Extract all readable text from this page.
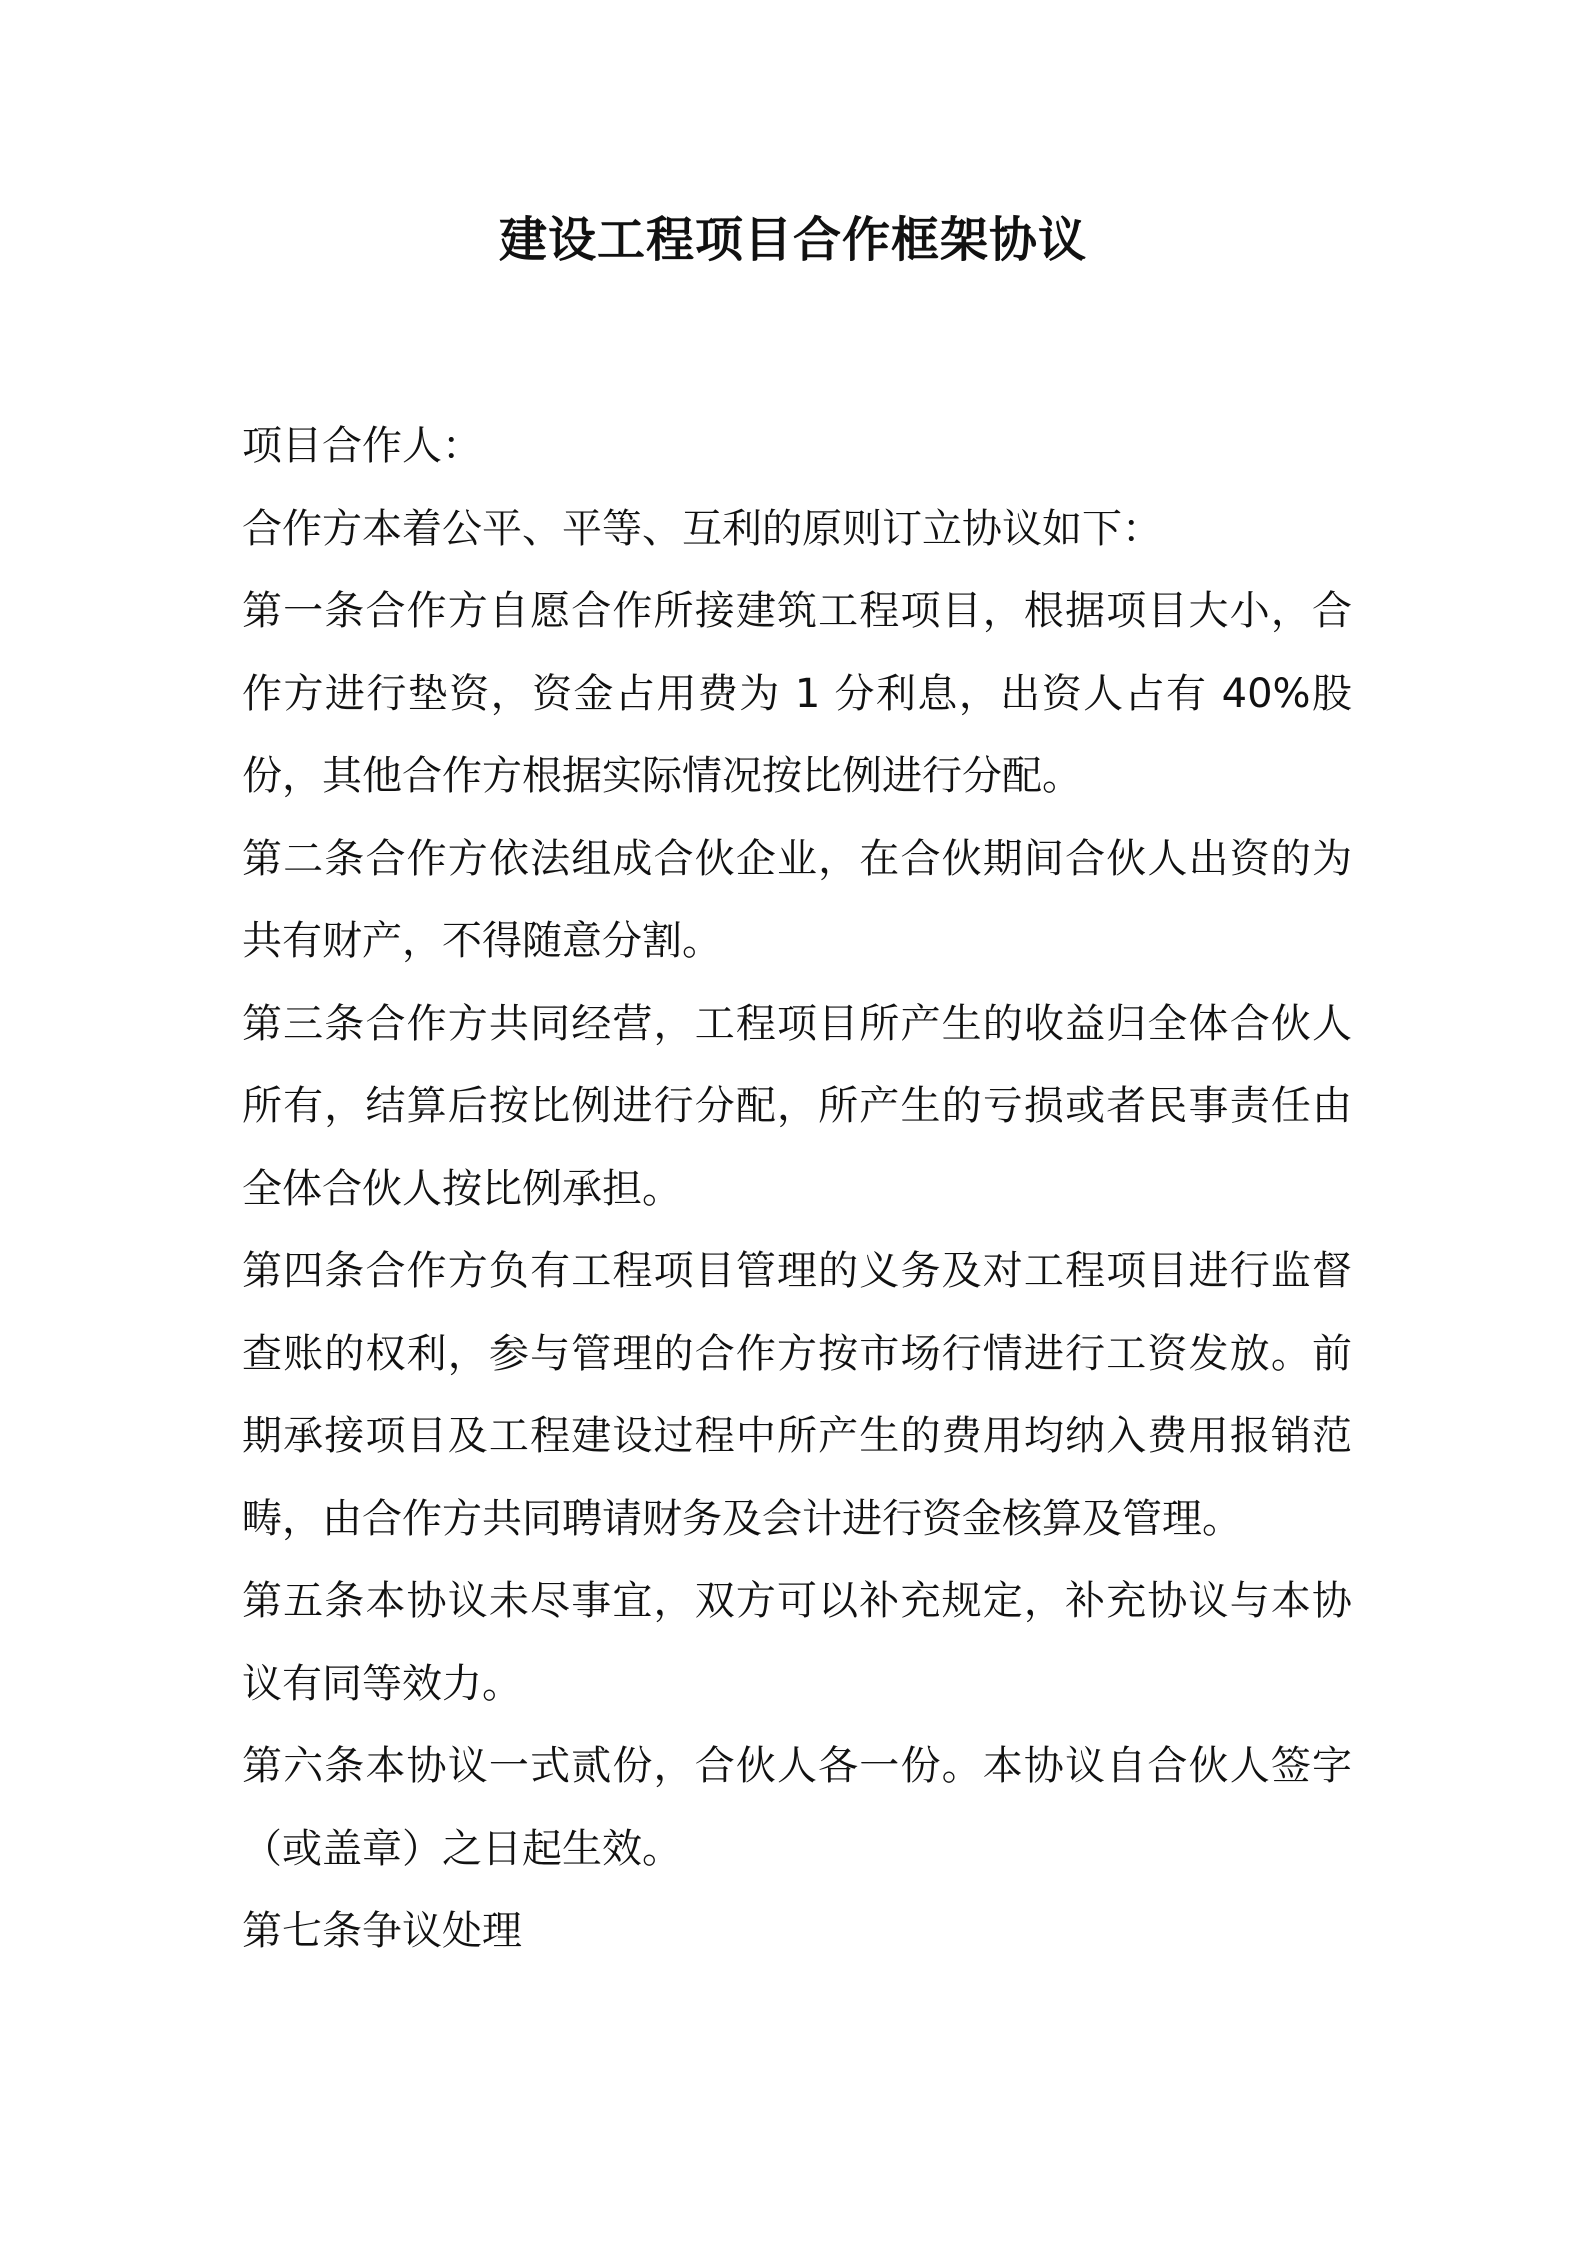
建设工程项目合作框架协议

项目合作人：

合作方本着公平、平等、互利的原则订立协议如下：

第一条合作方自愿合作所接建筑工程项目，根据项目大小，合作方进行垫资，资金占用费为 1 分利息，出资人占有 40%股份，其他合作方根据实际情况按比例进行分配。

第二条合作方依法组成合伙企业，在合伙期间合伙人出资的为共有财产，不得随意分割。

第三条合作方共同经营，工程项目所产生的收益归全体合伙人所有，结算后按比例进行分配，所产生的亏损或者民事责任由全体合伙人按比例承担。

第四条合作方负有工程项目管理的义务及对工程项目进行监督查账的权利，参与管理的合作方按市场行情进行工资发放。前期承接项目及工程建设过程中所产生的费用均纳入费用报销范畴，由合作方共同聘请财务及会计进行资金核算及管理。

第五条本协议未尽事宜，双方可以补充规定，补充协议与本协议有同等效力。

第六条本协议一式贰份，合伙人各一份。本协议自合伙人签字（或盖章）之日起生效。

第七条争议处理
